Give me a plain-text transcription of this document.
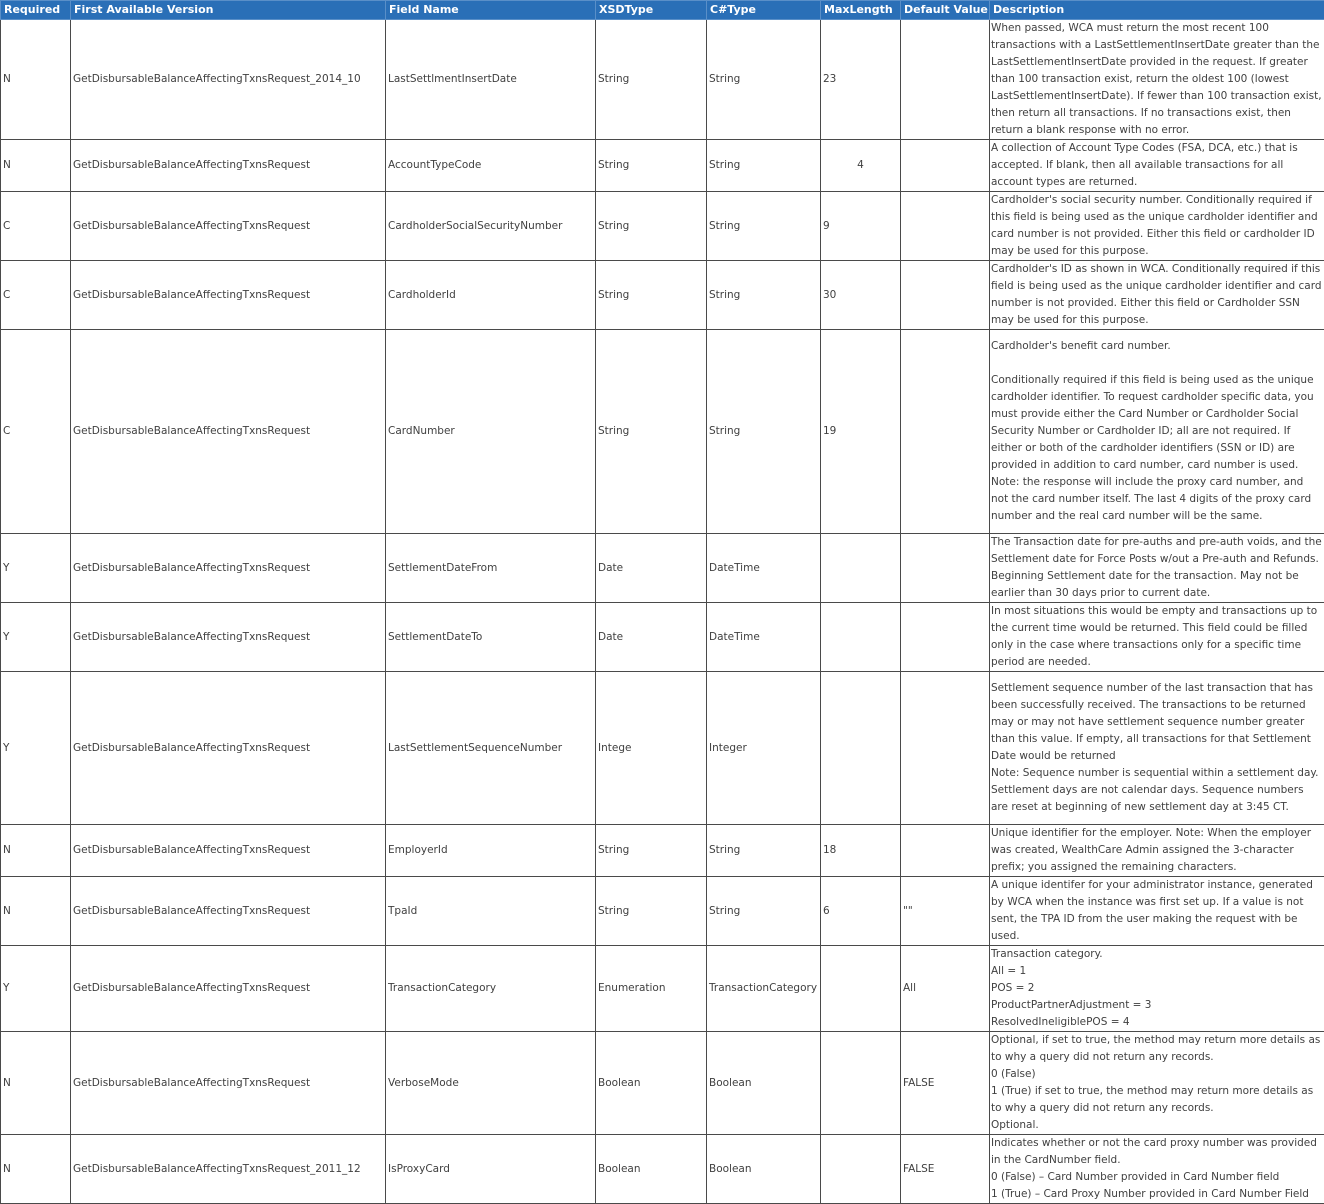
Required	First Available Version	Field Name	XSDType	C#Type	MaxLength	Default Value	Description
N	GetDisbursableBalanceAffectingTxnsRequest_2014_10	LastSettlmentInsertDate	String	String	23		When passed, WCA must return the most recent 100 transactions with a LastSettlementInsertDate greater than the LastSettlementInsertDate provided in the request. If greater than 100 transaction exist, return the oldest 100 (lowest LastSettlementInsertDate). If fewer than 100 transaction exist, then return all transactions. If no transactions exist, then return a blank response with no error.
N	GetDisbursableBalanceAffectingTxnsRequest	AccountTypeCode	String	String	4		A collection of Account Type Codes (FSA, DCA, etc.) that is accepted. If blank, then all available transactions for all account types are returned.
C	GetDisbursableBalanceAffectingTxnsRequest	CardholderSocialSecurityNumber	String	String	9		Cardholder's social security number. Conditionally required if this field is being used as the unique cardholder identifier and card number is not provided. Either this field or cardholder ID may be used for this purpose.
C	GetDisbursableBalanceAffectingTxnsRequest	CardholderId	String	String	30		Cardholder's ID as shown in WCA. Conditionally required if this field is being used as the unique cardholder identifier and card number is not provided. Either this field or Cardholder SSN may be used for this purpose.
C	GetDisbursableBalanceAffectingTxnsRequest	CardNumber	String	String	19		Cardholder's benefit card number.

Conditionally required if this field is being used as the unique cardholder identifier. To request cardholder specific data, you must provide either the Card Number or Cardholder Social Security Number or Cardholder ID; all are not required. If either or both of the cardholder identifiers (SSN or ID) are provided in addition to card number, card number is used. Note: the response will include the proxy card number, and not the card number itself. The last 4 digits of the proxy card number and the real card number will be the same.
Y	GetDisbursableBalanceAffectingTxnsRequest	SettlementDateFrom	Date	DateTime			The Transaction date for pre-auths and pre-auth voids, and the Settlement date for Force Posts w/out a Pre-auth and Refunds. Beginning Settlement date for the transaction. May not be earlier than 30 days prior to current date.
Y	GetDisbursableBalanceAffectingTxnsRequest	SettlementDateTo	Date	DateTime			In most situations this would be empty and transactions up to the current time would be returned. This field could be filled only in the case where transactions only for a specific time period are needed.
Y	GetDisbursableBalanceAffectingTxnsRequest	LastSettlementSequenceNumber	Intege	Integer			Settlement sequence number of the last transaction that has been successfully received. The transactions to be returned may or may not have settlement sequence number greater than this value. If empty, all transactions for that Settlement Date would be returned
Note: Sequence number is sequential within a settlement day. Settlement days are not calendar days. Sequence numbers are reset at beginning of new settlement day at 3:45 CT.
N	GetDisbursableBalanceAffectingTxnsRequest	EmployerId	String	String	18		Unique identifier for the employer. Note: When the employer was created, WealthCare Admin assigned the 3-character prefix; you assigned the remaining characters.
N	GetDisbursableBalanceAffectingTxnsRequest	TpaId	String	String	6	""	A unique identifer for your administrator instance, generated by WCA when the instance was first set up. If a value is not sent, the TPA ID from the user making the request with be used.
Y	GetDisbursableBalanceAffectingTxnsRequest	TransactionCategory	Enumeration	TransactionCategory		All	Transaction category.
All = 1
POS = 2
ProductPartnerAdjustment = 3
ResolvedIneligiblePOS = 4
N	GetDisbursableBalanceAffectingTxnsRequest	VerboseMode	Boolean	Boolean		FALSE	Optional, if set to true, the method may return more details as to why a query did not return any records.
0 (False)
1 (True) if set to true, the method may return more details as to why a query did not return any records.
Optional.
N	GetDisbursableBalanceAffectingTxnsRequest_2011_12	IsProxyCard	Boolean	Boolean		FALSE	Indicates whether or not the card proxy number was provided in the CardNumber field.
0 (False) – Card Number provided in Card Number field
1 (True) – Card Proxy Number provided in Card Number Field
